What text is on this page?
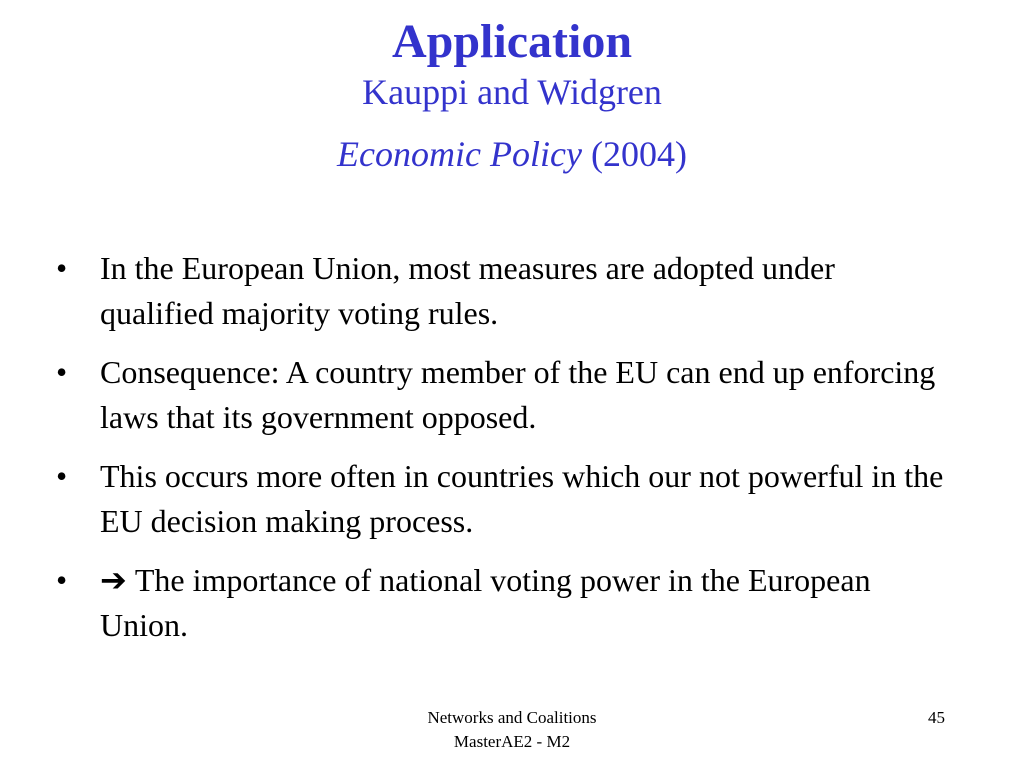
Application

Kauppi and Widgren

Economic Policy (2004)

• In the European Union, most measures are adopted under qualified majority voting rules.
• Consequence: A country member of the EU can end up enforcing laws that its government opposed.
• This occurs more often in countries which our not powerful in the EU decision making process.
• ➔ The importance of national voting power in the European Union.
Networks and Coalitions
MasterAE2 - M2
45
